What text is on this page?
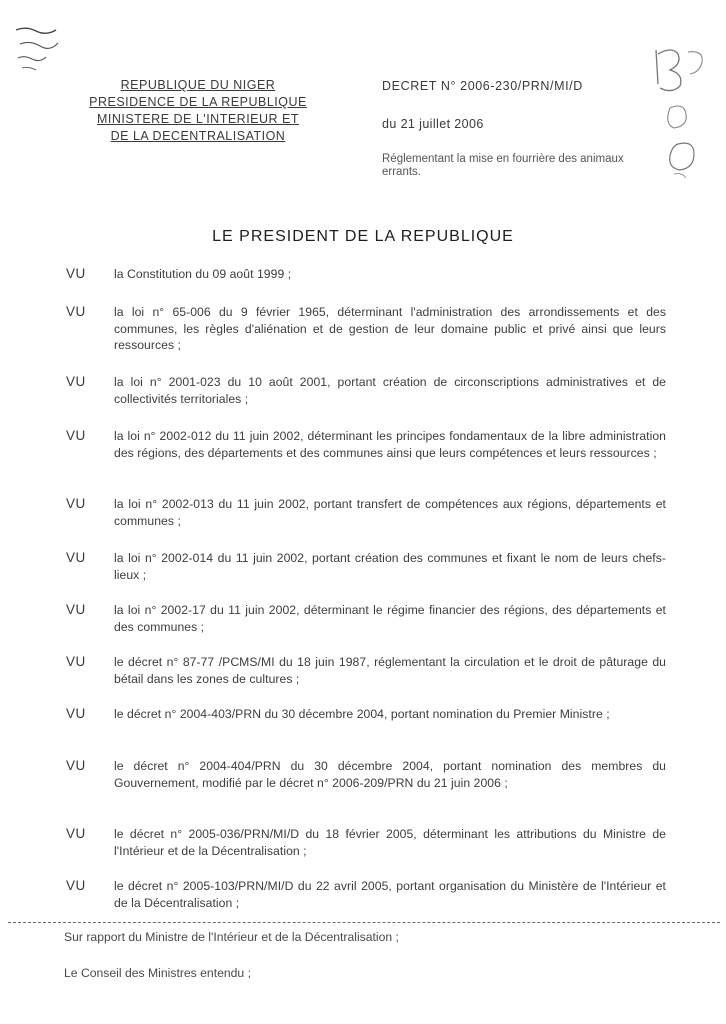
REPUBLIQUE DU NIGER
PRESIDENCE DE LA REPUBLIQUE
MINISTERE DE L'INTERIEUR ET
DE LA DECENTRALISATION
DECRET N° 2006-230/PRN/MI/D
du 21 juillet 2006
Réglementant la mise en fourrière des animaux errants.
LE PRESIDENT DE LA REPUBLIQUE
VU	la Constitution du 09 août 1999 ;
VU	la loi n° 65-006 du 9 février 1965, déterminant l'administration des arrondissements et des communes, les règles d'aliénation et de gestion de leur domaine public et privé ainsi que leurs ressources ;
VU	la loi n° 2001-023 du 10 août 2001, portant création de circonscriptions administratives et de collectivités territoriales ;
VU	la loi n° 2002-012 du 11 juin 2002, déterminant les principes fondamentaux de la libre administration des régions, des départements et des communes ainsi que leurs compétences et leurs ressources ;
VU	la loi n° 2002-013 du 11 juin 2002, portant transfert de compétences aux régions, départements et communes ;
VU	la loi n° 2002-014 du 11 juin 2002, portant création des communes et fixant le nom de leurs chefs-lieux ;
VU	la loi n° 2002-17 du 11 juin 2002, déterminant le régime financier des régions, des départements et des communes ;
VU	le décret n° 87-77 /PCMS/MI du 18 juin 1987, réglementant la circulation et le droit de pâturage du bétail dans les zones de cultures ;
VU	le décret n° 2004-403/PRN du 30 décembre 2004, portant nomination du Premier Ministre ;
VU	le décret n° 2004-404/PRN du 30 décembre 2004, portant nomination des membres du Gouvernement, modifié par le décret n° 2006-209/PRN du 21 juin 2006 ;
VU	le décret n° 2005-036/PRN/MI/D du 18 février 2005, déterminant les attributions du Ministre de l'Intérieur et de la Décentralisation ;
VU	le décret n° 2005-103/PRN/MI/D du 22 avril 2005, portant organisation du Ministère de l'Intérieur et de la Décentralisation ;
Sur rapport du Ministre de l'Intérieur et de la Décentralisation ;
Le Conseil des Ministres entendu ;
